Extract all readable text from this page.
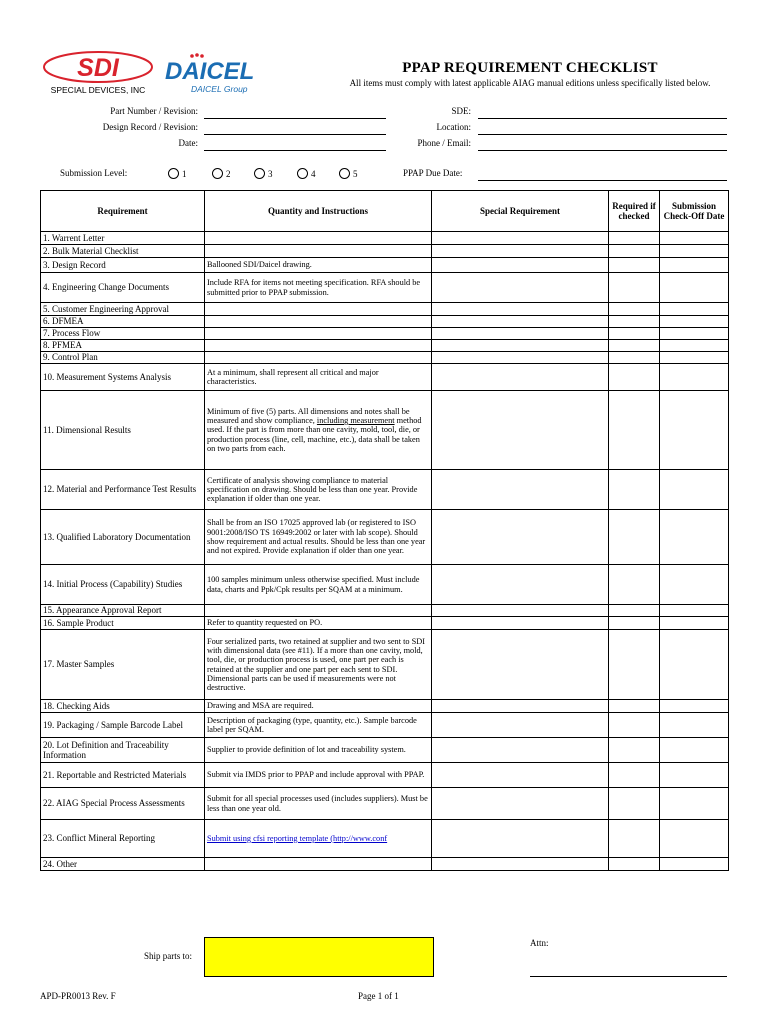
SDI
SPECIAL DEVICES, INC
DAICEL
DAICEL Group
PPAP REQUIREMENT CHECKLIST
All items must comply with latest applicable AIAG manual editions unless specifically listed below.
Part Number / Revision:
Design Record / Revision:
Date:
SDE:
Location:
Phone / Email:
Submission Level:	1	2	3	4	5	PPAP Due Date:
Requirement	Quantity and Instructions	Special Requirement	Required if checked	Submission Check-Off Date
1. Warrent Letter				
2. Bulk Material Checklist				
3. Design Record	Ballooned SDI/Daicel drawing.			
4. Engineering Change Documents	Include RFA for items not meeting specification. RFA should be submitted prior to PPAP submission.			
5. Customer Engineering Approval				
6. DFMEA				
7. Process Flow				
8. PFMEA				
9. Control Plan				
10. Measurement Systems Analysis	At a minimum, shall represent all critical and major characteristics.			
11. Dimensional Results	Minimum of five (5) parts. All dimensions and notes shall be measured and show compliance, including measurement method used. If the part is from more than one cavity, mold, tool, die, or production process (line, cell, machine, etc.), data shall be taken on two parts from each.			
12. Material and Performance Test Results	Certificate of analysis showing compliance to material specification on drawing. Should be less than one year. Provide explanation if older than one year.			
13. Qualified Laboratory Documentation	Shall be from an ISO 17025 approved lab (or registered to ISO 9001:2008/ISO TS 16949:2002 or later with lab scope). Should show requirement and actual results. Should be less than one year and not expired. Provide explanation if older than one year.			
14. Initial Process (Capability) Studies	100 samples minimum unless otherwise specified. Must include data, charts and Ppk/Cpk results per SQAM at a minimum.			
15. Appearance Approval Report				
16. Sample Product	Refer to quantity requested on PO.			
17. Master Samples	Four serialized parts, two retained at supplier and two sent to SDI with dimensional data (see #11). If a more than one cavity, mold, tool, die, or production process is used, one part per each is retained at the supplier and one part per each sent to SDI. Dimensional parts can be used if measurements were not destructive.			
18. Checking Aids	Drawing and MSA are required.			
19. Packaging / Sample Barcode Label	Description of packaging (type, quantity, etc.). Sample barcode label per SQAM.			
20. Lot Definition and Traceability Information	Supplier to provide definition of lot and traceability system.			
21. Reportable and Restricted Materials	Submit via IMDS prior to PPAP and include approval with PPAP.			
22. AIAG Special Process Assessments	Submit for all special processes used (includes suppliers). Must be less than one year old.			
23. Conflict Mineral Reporting	Submit using cfsi reporting template (http://www.conf			
24. Other				
Ship parts to:
Attn:
APD-PR0013 Rev. F	Page 1 of 1
